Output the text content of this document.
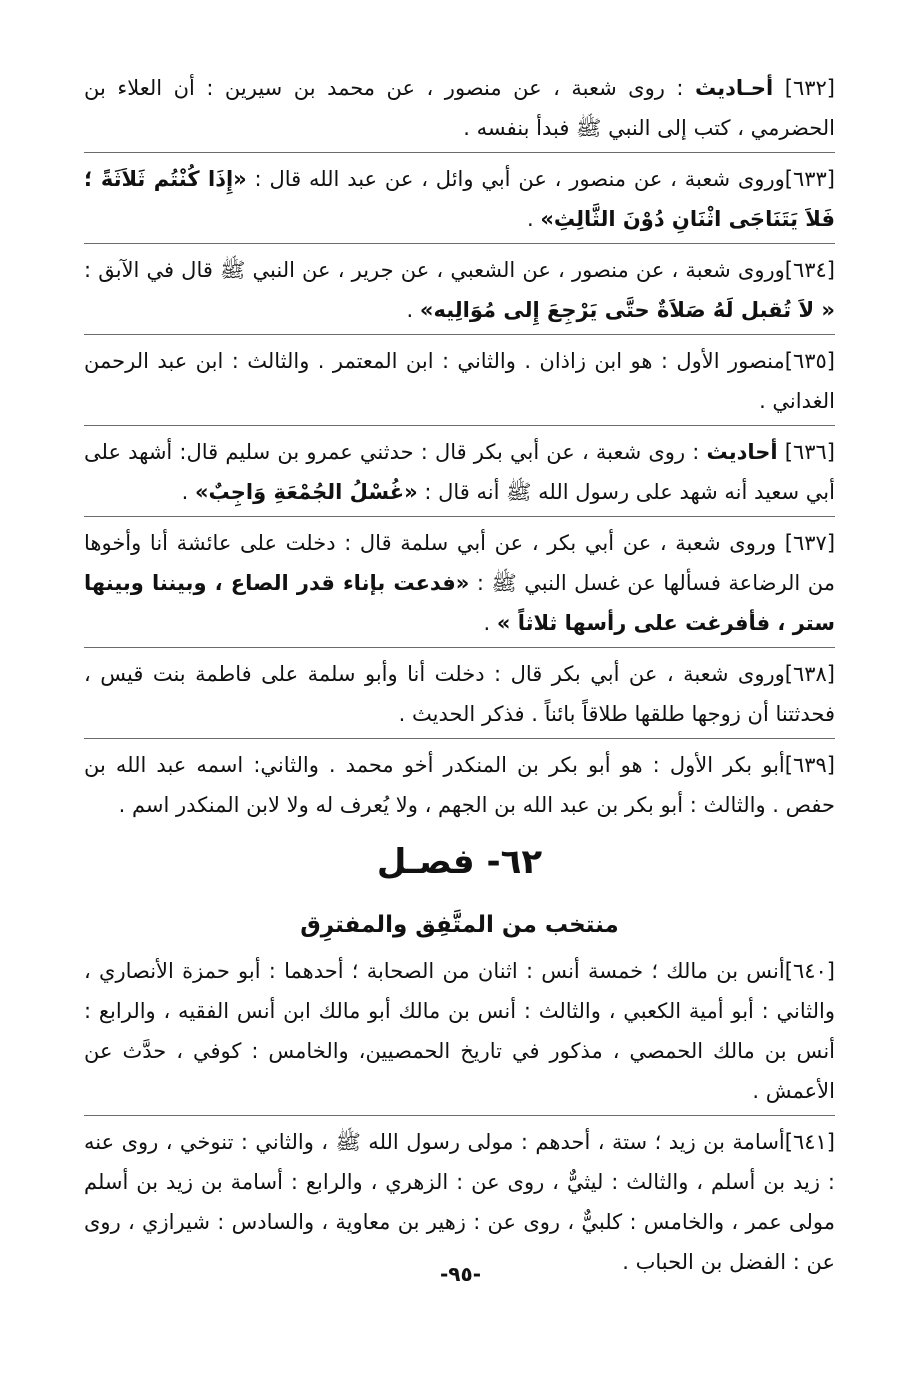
[٦٣٢] أحـاديث : روى شعبة ، عن منصور ، عن محمد بن سيرين : أن العلاء بن الحضرمي ، كتب إلى النبي ﷺ فبدأ بنفسه .

[٦٣٣]وروى شعبة ، عن منصور ، عن أبي وائل ، عن عبد الله قال : «إِذَا كُنْتُم ثَلاَثَةً ؛ فَلاَ يَتَنَاجَى اثْنَانِ دُوْنَ الثَّالِثِ» .

[٦٣٤]وروى شعبة ، عن منصور ، عن الشعبي ، عن جرير ، عن النبي ﷺ قال في الآبق : « لاَ تُقبل لَهُ صَلاَةٌ حتَّى يَرْجِعَ إِلى مُوَالِيه» .

[٦٣٥]منصور الأول : هو ابن زاذان . والثاني : ابن المعتمر . والثالث : ابن عبد الرحمن الغداني .

[٦٣٦] أحاديث : روى شعبة ، عن أبي بكر قال : حدثني عمرو بن سليم قال: أشهد على أبي سعيد أنه شهد على رسول الله ﷺ أنه قال : «غُسْلُ الجُمْعَةِ وَاجِبٌ» .

[٦٣٧] وروى شعبة ، عن أبي بكر ، عن أبي سلمة قال : دخلت على عائشة أنا وأخوها من الرضاعة فسألها عن غسل النبي ﷺ : «فدعت بإناء قدر الصاع ، وبيننا وبينها ستر ، فأفرغت على رأسها ثلاثاً » .

[٦٣٨]وروى شعبة ، عن أبي بكر قال : دخلت أنا وأبو سلمة على فاطمة بنت قيس ، فحدثتنا أن زوجها طلقها طلاقاً بائناً . فذكر الحديث .

[٦٣٩]أبو بكر الأول : هو أبو بكر بن المنكدر أخو محمد . والثاني: اسمه عبد الله بن حفص . والثالث : أبو بكر بن عبد الله بن الجهم ، ولا يُعرف له ولا لابن المنكدر اسم .

٦٢- فصـل
منتخب من المتَّفِق والمفترِق

[٦٤٠]أنس بن مالك ؛ خمسة أنس : اثنان من الصحابة ؛ أحدهما : أبو حمزة الأنصاري ، والثاني : أبو أمية الكعبي ، والثالث : أنس بن مالك أبو مالك ابن أنس الفقيه ، والرابع : أنس بن مالك الحمصي ، مذكور في تاريخ الحمصيين، والخامس : كوفي ، حدَّث عن الأعمش .

[٦٤١]أسامة بن زيد ؛ ستة ، أحدهم : مولى رسول الله ﷺ ، والثاني : تنوخي ، روى عنه : زيد بن أسلم ، والثالث : ليثيٌّ ، روى عن : الزهري ، والرابع : أسامة بن زيد بن أسلم مولى عمر ، والخامس : كلبيٌّ ، روى عن : زهير بن معاوية ، والسادس : شيرازي ، روى عن : الفضل بن الحباب .

-٩٥-
